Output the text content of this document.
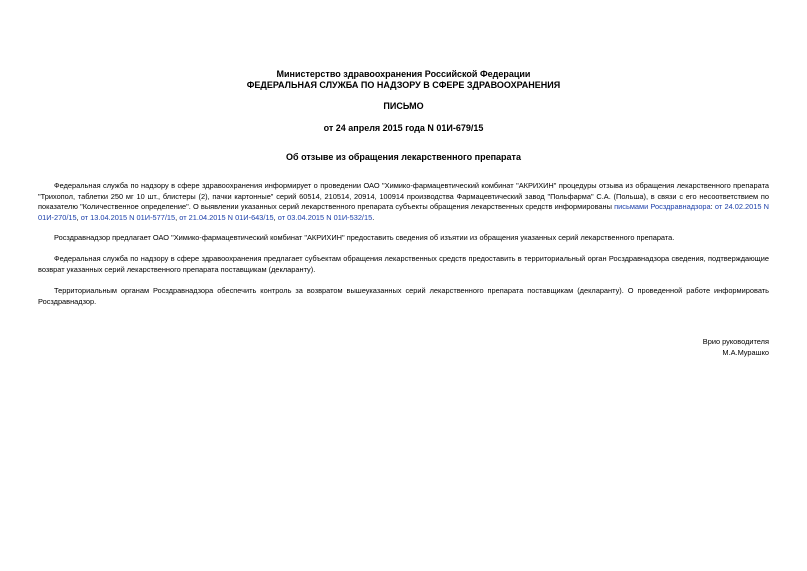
Министерство здравоохранения Российской Федерации
ФЕДЕРАЛЬНАЯ СЛУЖБА ПО НАДЗОРУ В СФЕРЕ ЗДРАВООХРАНЕНИЯ
ПИСЬМО
от 24 апреля 2015 года N 01И-679/15
Об отзыве из обращения лекарственного препарата

Федеральная служба по надзору в сфере здравоохранения информирует о проведении ОАО "Химико-фармацевтический комбинат "АКРИХИН" процедуры отзыва из обращения лекарственного препарата "Трихопол, таблетки 250 мг 10 шт., блистеры (2), пачки картонные" серий 60514, 210514, 20914, 100914 производства Фармацевтический завод "Польфарма" С.А. (Польша), в связи с его несоответствием по показателю "Количественное определение". О выявлении указанных серий лекарственного препарата субъекты обращения лекарственных средств информированы письмами Росздравнадзора: от 24.02.2015 N 01И-270/15, от 13.04.2015 N 01И-577/15, от 21.04.2015 N 01И-643/15, от 03.04.2015 N 01И-532/15.

Росздравнадзор предлагает ОАО "Химико-фармацевтический комбинат "АКРИХИН" предоставить сведения об изъятии из обращения указанных серий лекарственного препарата.

Федеральная служба по надзору в сфере здравоохранения предлагает субъектам обращения лекарственных средств предоставить в территориальный орган Росздравнадзора сведения, подтверждающие возврат указанных серий лекарственного препарата поставщикам (декларанту).

Территориальным органам Росздравнадзора обеспечить контроль за возвратом вышеуказанных серий лекарственного препарата поставщикам (декларанту). О проведенной работе информировать Росздравнадзор.

Врио руководителя
М.А.Мурашко
